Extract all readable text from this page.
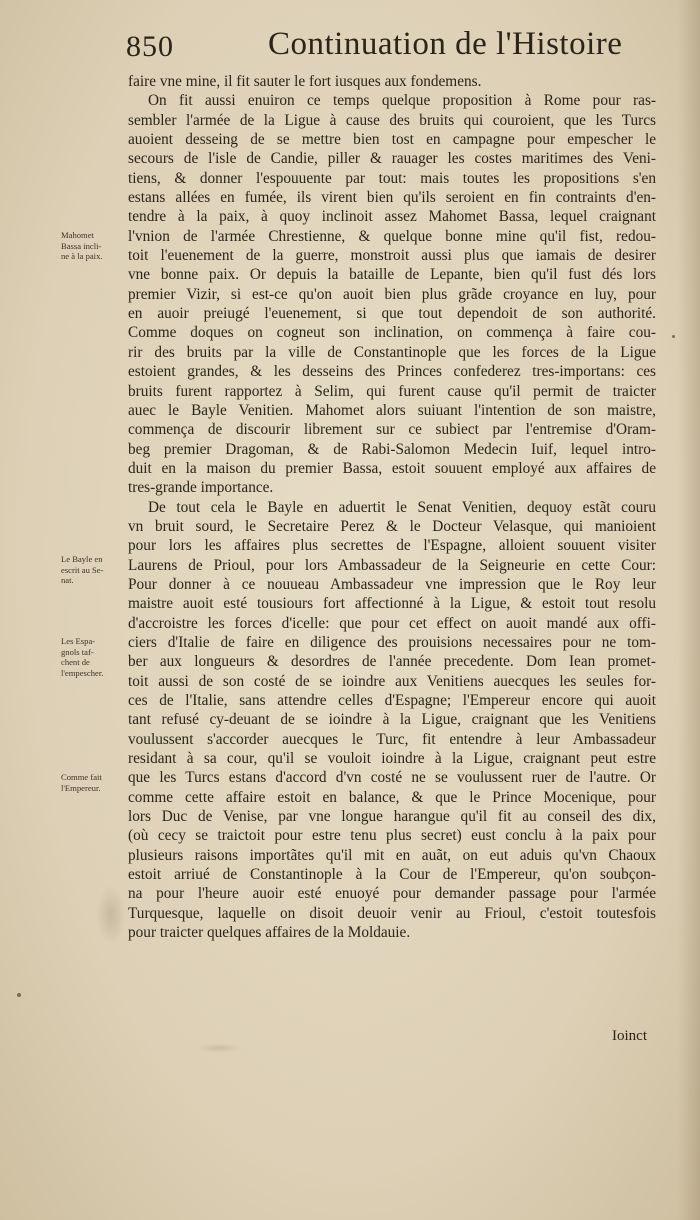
850	Continuation de l'Histoire
faire vne mine, il fit sauter le fort iusques aux fondemens.
On fit aussi enuiron ce temps quelque proposition à Rome pour ras-
sembler l'armée de la Ligue à cause des bruits qui couroient, que les Turcs
auoient desseing de se mettre bien tost en campagne pour empescher le
secours de l'isle de Candie, piller & rauager les costes maritimes des Veni-
tiens, & donner l'espouuente par tout: mais toutes les propositions s'en
estans allées en fumée, ils virent bien qu'ils seroient en fin contraints d'en-
tendre à la paix, à quoy inclinoit assez Mahomet Bassa, lequel craignant
l'vnion de l'armée Chrestienne, & quelque bonne mine qu'il fist, redou-
toit l'euenement de la guerre, monstroit aussi plus que iamais de desirer
vne bonne paix. Or depuis la bataille de Lepante, bien qu'il fust dés lors
premier Vizir, si est-ce qu'on auoit bien plus grãde croyance en luy, pour
en auoir preiugé l'euenement, si que tout dependoit de son authorité.
Comme doques on cogneut son inclination, on commença à faire cou-
rir des bruits par la ville de Constantinople que les forces de la Ligue
estoient grandes, & les desseins des Princes confederez tres-importans: ces
bruits furent rapportez à Selim, qui furent cause qu'il permit de traicter
auec le Bayle Venitien. Mahomet alors suiuant l'intention de son maistre,
commença de discourir librement sur ce subiect par l'entremise d'Oram-
beg premier Dragoman, & de Rabi-Salomon Medecin Iuif, lequel intro-
duit en la maison du premier Bassa, estoit souuent employé aux affaires de
tres-grande importance.
De tout cela le Bayle en aduertit le Senat Venitien, dequoy estãt couru
vn bruit sourd, le Secretaire Perez & le Docteur Velasque, qui manioient
pour lors les affaires plus secrettes de l'Espagne, alloient souuent visiter
Laurens de Prioul, pour lors Ambassadeur de la Seigneurie en cette Cour:
Pour donner à ce nouueau Ambassadeur vne impression que le Roy leur
maistre auoit esté tousiours fort affectionné à la Ligue, & estoit tout resolu
d'accroistre les forces d'icelle: que pour cet effect on auoit mandé aux offi-
ciers d'Italie de faire en diligence des prouisions necessaires pour ne tom-
ber aux longueurs & desordres de l'année precedente. Dom Iean promet-
toit aussi de son costé de se ioindre aux Venitiens auecques les seules for-
ces de l'Italie, sans attendre celles d'Espagne; l'Empereur encore qui auoit
tant refusé cy-deuant de se ioindre à la Ligue, craignant que les Venitiens
voulussent s'accorder auecques le Turc, fit entendre à leur Ambassadeur
residant à sa cour, qu'il se vouloit ioindre à la Ligue, craignant peut estre
que les Turcs estans d'accord d'vn costé ne se voulussent ruer de l'autre. Or
comme cette affaire estoit en balance, & que le Prince Mocenique, pour
lors Duc de Venise, par vne longue harangue qu'il fit au conseil des dix,
(où cecy se traictoit pour estre tenu plus secret) eust conclu à la paix pour
plusieurs raisons importãtes qu'il mit en auãt, on eut aduis qu'vn Chaoux
estoit arriué de Constantinople à la Cour de l'Empereur, qu'on soubçon-
na pour l'heure auoir esté enuoyé pour demander passage pour l'armée
Turquesque, laquelle on disoit deuoir venir au Frioul, c'estoit toutesfois
pour traicter quelques affaires de la Moldauie.
Mahomet
Bassa incli-
ne à la paix.
Le Bayle en
escrit au Se-
nat.
Les Espa-
gnols taf-
chent de
l'empescher.
Comme fait
l'Empereur.
Ioinct
